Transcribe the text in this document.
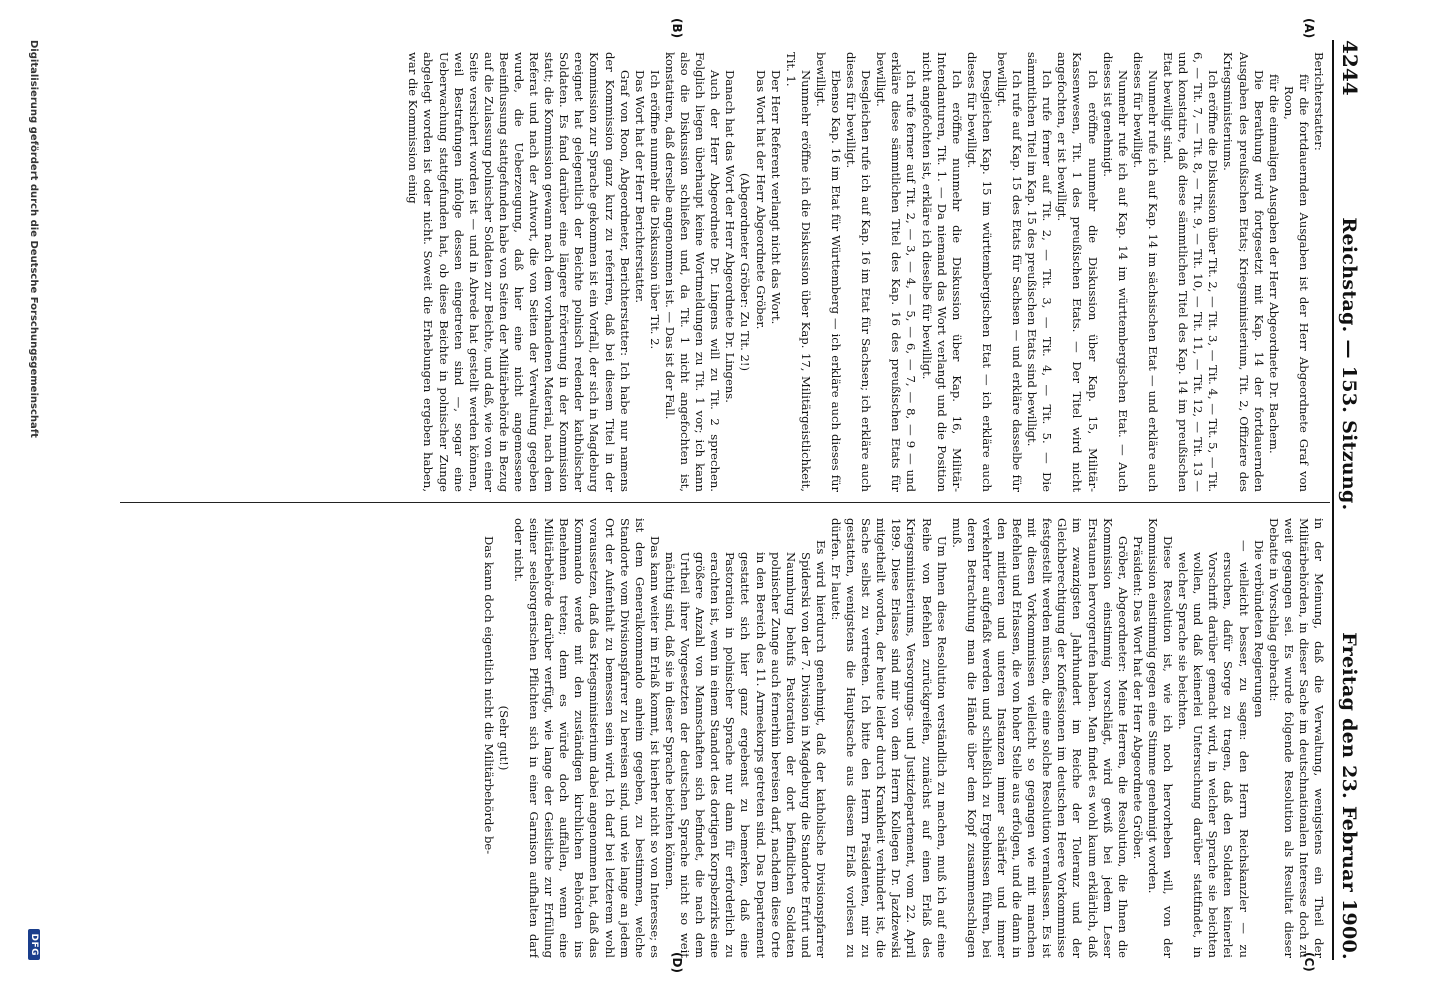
4244
Reichstag. — 153. Sitzung.
Freitag den 23. Februar 1900.
(A)
(B)
(C)
(D)

Berichterstatter:

für die fortdauernden Ausgaben ist der Herr Abgeordnete Graf von Roon,

für die einmaligen Ausgaben der Herr Abgeordnete Dr. Bachem.

Die Berathung wird fortgesetzt mit Kap. 14 der fortdauernden Ausgaben des preußischen Etats; Kriegsministerium, Tit. 2, Offiziere des Kriegsministeriums.

Ich eröffne die Diskussion über Tit. 2, — Tit. 3, — Tit. 4, — Tit. 5, — Tit. 6, — Tit. 7, — Tit. 8, — Tit. 9, — Tit. 10, — Tit. 11, — Tit. 12, — Tit. 13 — und konstatire, daß diese sämmtlichen Titel des Kap. 14 im preußischen Etat bewilligt sind.

Nunmehr rufe ich auf Kap. 14 im sächsischen Etat — und erkläre auch dieses für bewilligt.

Nunmehr rufe ich auf Kap. 14 im württembergischen Etat. — Auch dieses ist genehmigt.

Ich eröffne nunmehr die Diskussion über Kap. 15, Militär-Kassenwesen, Tit. 1 des preußischen Etats. — Der Titel wird nicht angefochten, er ist bewilligt.

Ich rufe ferner auf Tit. 2, — Tit. 3, — Tit. 4, — Tit. 5. — Die sämmtlichen Titel im Kap. 15 des preußischen Etats sind bewilligt.

Ich rufe auf Kap. 15 des Etats für Sachsen — und erkläre dasselbe für bewilligt.

Desgleichen Kap. 15 im württembergischen Etat — ich erkläre auch dieses für bewilligt.

Ich eröffne nunmehr die Diskussion über Kap. 16, Militär-Intendanturen, Tit. 1. — Da niemand das Wort verlangt und die Position nicht angefochten ist, erkläre ich dieselbe für bewilligt.

Ich rufe ferner auf Tit. 2, — 3, — 4, — 5, — 6, — 7, — 8, — 9 — und erkläre diese sämmtlichen Titel des Kap. 16 des preußischen Etats für bewilligt.

Desgleichen rufe ich auf Kap. 16 im Etat für Sachsen; ich erkläre auch dieses für bewilligt.

Ebenso Kap. 16 im Etat für Württemberg — ich erkläre auch dieses für bewilligt.

Nunmehr eröffne ich die Diskussion über Kap. 17, Militärgeistlichkeit, Tit. 1.

Der Herr Referent verlangt nicht das Wort.

Das Wort hat der Herr Abgeordnete Gröber.

(Abgeordneter Gröber: Zu Tit. 2!)

Danach hat das Wort der Herr Abgeordnete Dr. Lingens.

Auch der Herr Abgeordnete Dr. Lingens will zu Tit. 2 sprechen. Folglich liegen überhaupt keine Wortmeldungen zu Tit. 1 vor; ich kann also die Diskussion schließen und, da Tit. 1 nicht angefochten ist, konstatiren, daß derselbe angenommen ist. — Das ist der Fall.

Ich eröffne nunmehr die Diskussion über Tit. 2.

Das Wort hat der Herr Berichterstatter.

Graf von Roon, Abgeordneter, Berichterstatter: Ich habe nur namens der Kommission ganz kurz zu referiren, daß bei diesem Titel in der Kommission zur Sprache gekommen ist ein Vorfall, der sich in Magdeburg ereignet hat gelegentlich der Beichte polnisch redender katholischer Soldaten. Es fand darüber eine längere Erörterung in der Kommission statt; die Kommission gewann nach dem vorhandenen Material, nach dem Referat und nach der Antwort, die von Seiten der Verwaltung gegeben wurde, die Ueberzeugung, daß hier eine nicht angemessene Beeinflussung stattgefunden habe von Seiten der Militärbehörde in Bezug auf die Zulassung polnischer Soldaten zur Beichte, und daß, wie von einer Seite versichert worden ist — und in Abrede hat gestellt werden können, weil Bestrafungen infolge dessen eingetreten sind —, sogar eine Ueberwachung stattgefunden hat, ob diese Beichte in polnischer Zunge abgelegt worden ist oder nicht. Soweit die Erhebungen ergeben haben, war die Kommission einig

in der Meinung, daß die Verwaltung, wenigstens ein Theil der Militärbehörden, in dieser Sache im deutschnationalen Interesse doch zu weit gegangen sei. Es wurde folgende Resolution als Resultat dieser Debatte in Vorschlag gebracht:

Die verbündeten Regierungen

— vielleicht besser, zu sagen: den Herrn Reichskanzler — zu ersuchen, dafür Sorge zu tragen, daß den Soldaten keinerlei Vorschrift darüber gemacht wird, in welcher Sprache sie beichten wollen, und daß keinerlei Untersuchung darüber stattfindet, in welcher Sprache sie beichten.

Diese Resolution ist, wie ich noch hervorheben will, von der Kommission einstimmig gegen eine Stimme genehmigt worden.

Präsident: Das Wort hat der Herr Abgeordnete Gröber.

Gröber, Abgeordneter: Meine Herren, die Resolution, die Ihnen die Kommission einstimmig vorschlägt, wird gewiß bei jedem Leser Erstaunen hervorgerufen haben. Man findet es wohl kaum erklärlich, daß im zwanzigsten Jahrhundert im Reiche der Toleranz und der Gleichberechtigung der Konfessionen im deutschen Heere Vorkommnisse festgestellt werden müssen, die eine solche Resolution veranlassen. Es ist mit diesen Vorkommnissen vielleicht so gegangen wie mit manchen Befehlen und Erlassen, die von hoher Stelle aus erfolgen, und die dann in den mittleren und unteren Instanzen immer schärfer und immer verkehrter aufgefaßt werden und schließlich zu Ergebnissen führen, bei deren Betrachtung man die Hände über dem Kopf zusammenschlagen muß.

Um Ihnen diese Resolution verständlich zu machen, muß ich auf eine Reihe von Befehlen zurückgreifen, zunächst auf einen Erlaß des Kriegsministeriums, Versorgungs- und Justizdepartement, vom 22. April 1899. Diese Erlasse sind mir von dem Herrn Kollegen Dr. Jazdzewski mitgetheilt worden, der heute leider durch Krankheit verhindert ist, die Sache selbst zu vertreten. Ich bitte den Herrn Präsidenten, mir zu gestatten, wenigstens die Hauptsache aus diesem Erlaß vorlesen zu dürfen. Er lautet:

Es wird hierdurch genehmigt, daß der katholische Divisionspfarrer Spiderski von der 7. Division in Magdeburg die Standorte Erfurt und Naumburg behufs Pastoration der dort befindlichen Soldaten polnischer Zunge auch fernerhin bereisen darf, nachdem diese Orte in den Bereich des 11. Armeekorps getreten sind. Das Departement gestattet sich hier ganz ergebenst zu bemerken, daß eine Pastoration in polnischer Sprache nur dann für erforderlich zu erachten ist, wenn in einem Standort des dortigen Korpsbezirks eine größere Anzahl von Mannschaften sich befindet, die nach dem Urtheil ihrer Vorgesetzten der deutschen Sprache nicht so weit mächtig sind, daß sie in dieser Sprache beichten können.

Das kann weiter im Erlaß kommt, ist hierher nicht so von Interesse; es ist dem Generalkommando anheim gegeben, zu bestimmen, welche Standorte vom Divisionspfarrer zu bereisen sind, und wie lange an jedem Ort der Aufenthalt zu bemessen sein wird. Ich darf bei letzterem wohl voraussetzen, daß das Kriegsministerium dabei angenommen hat, daß das Kommando werde mit den zuständigen kirchlichen Behörden ins Benehmen treten; denn es würde doch auffallen, wenn eine Militärbehörde darüber verfügt, wie lange der Geistliche zur Erfüllung seiner seelsorgerischen Pflichten sich in einer Garnison aufhalten darf oder nicht.

(Sehr gut!)

Das kann doch eigentlich nicht die Militärbehörde be-

Digitalisierung gefördert durch die Deutsche Forschungsgemeinschaft
DFG
